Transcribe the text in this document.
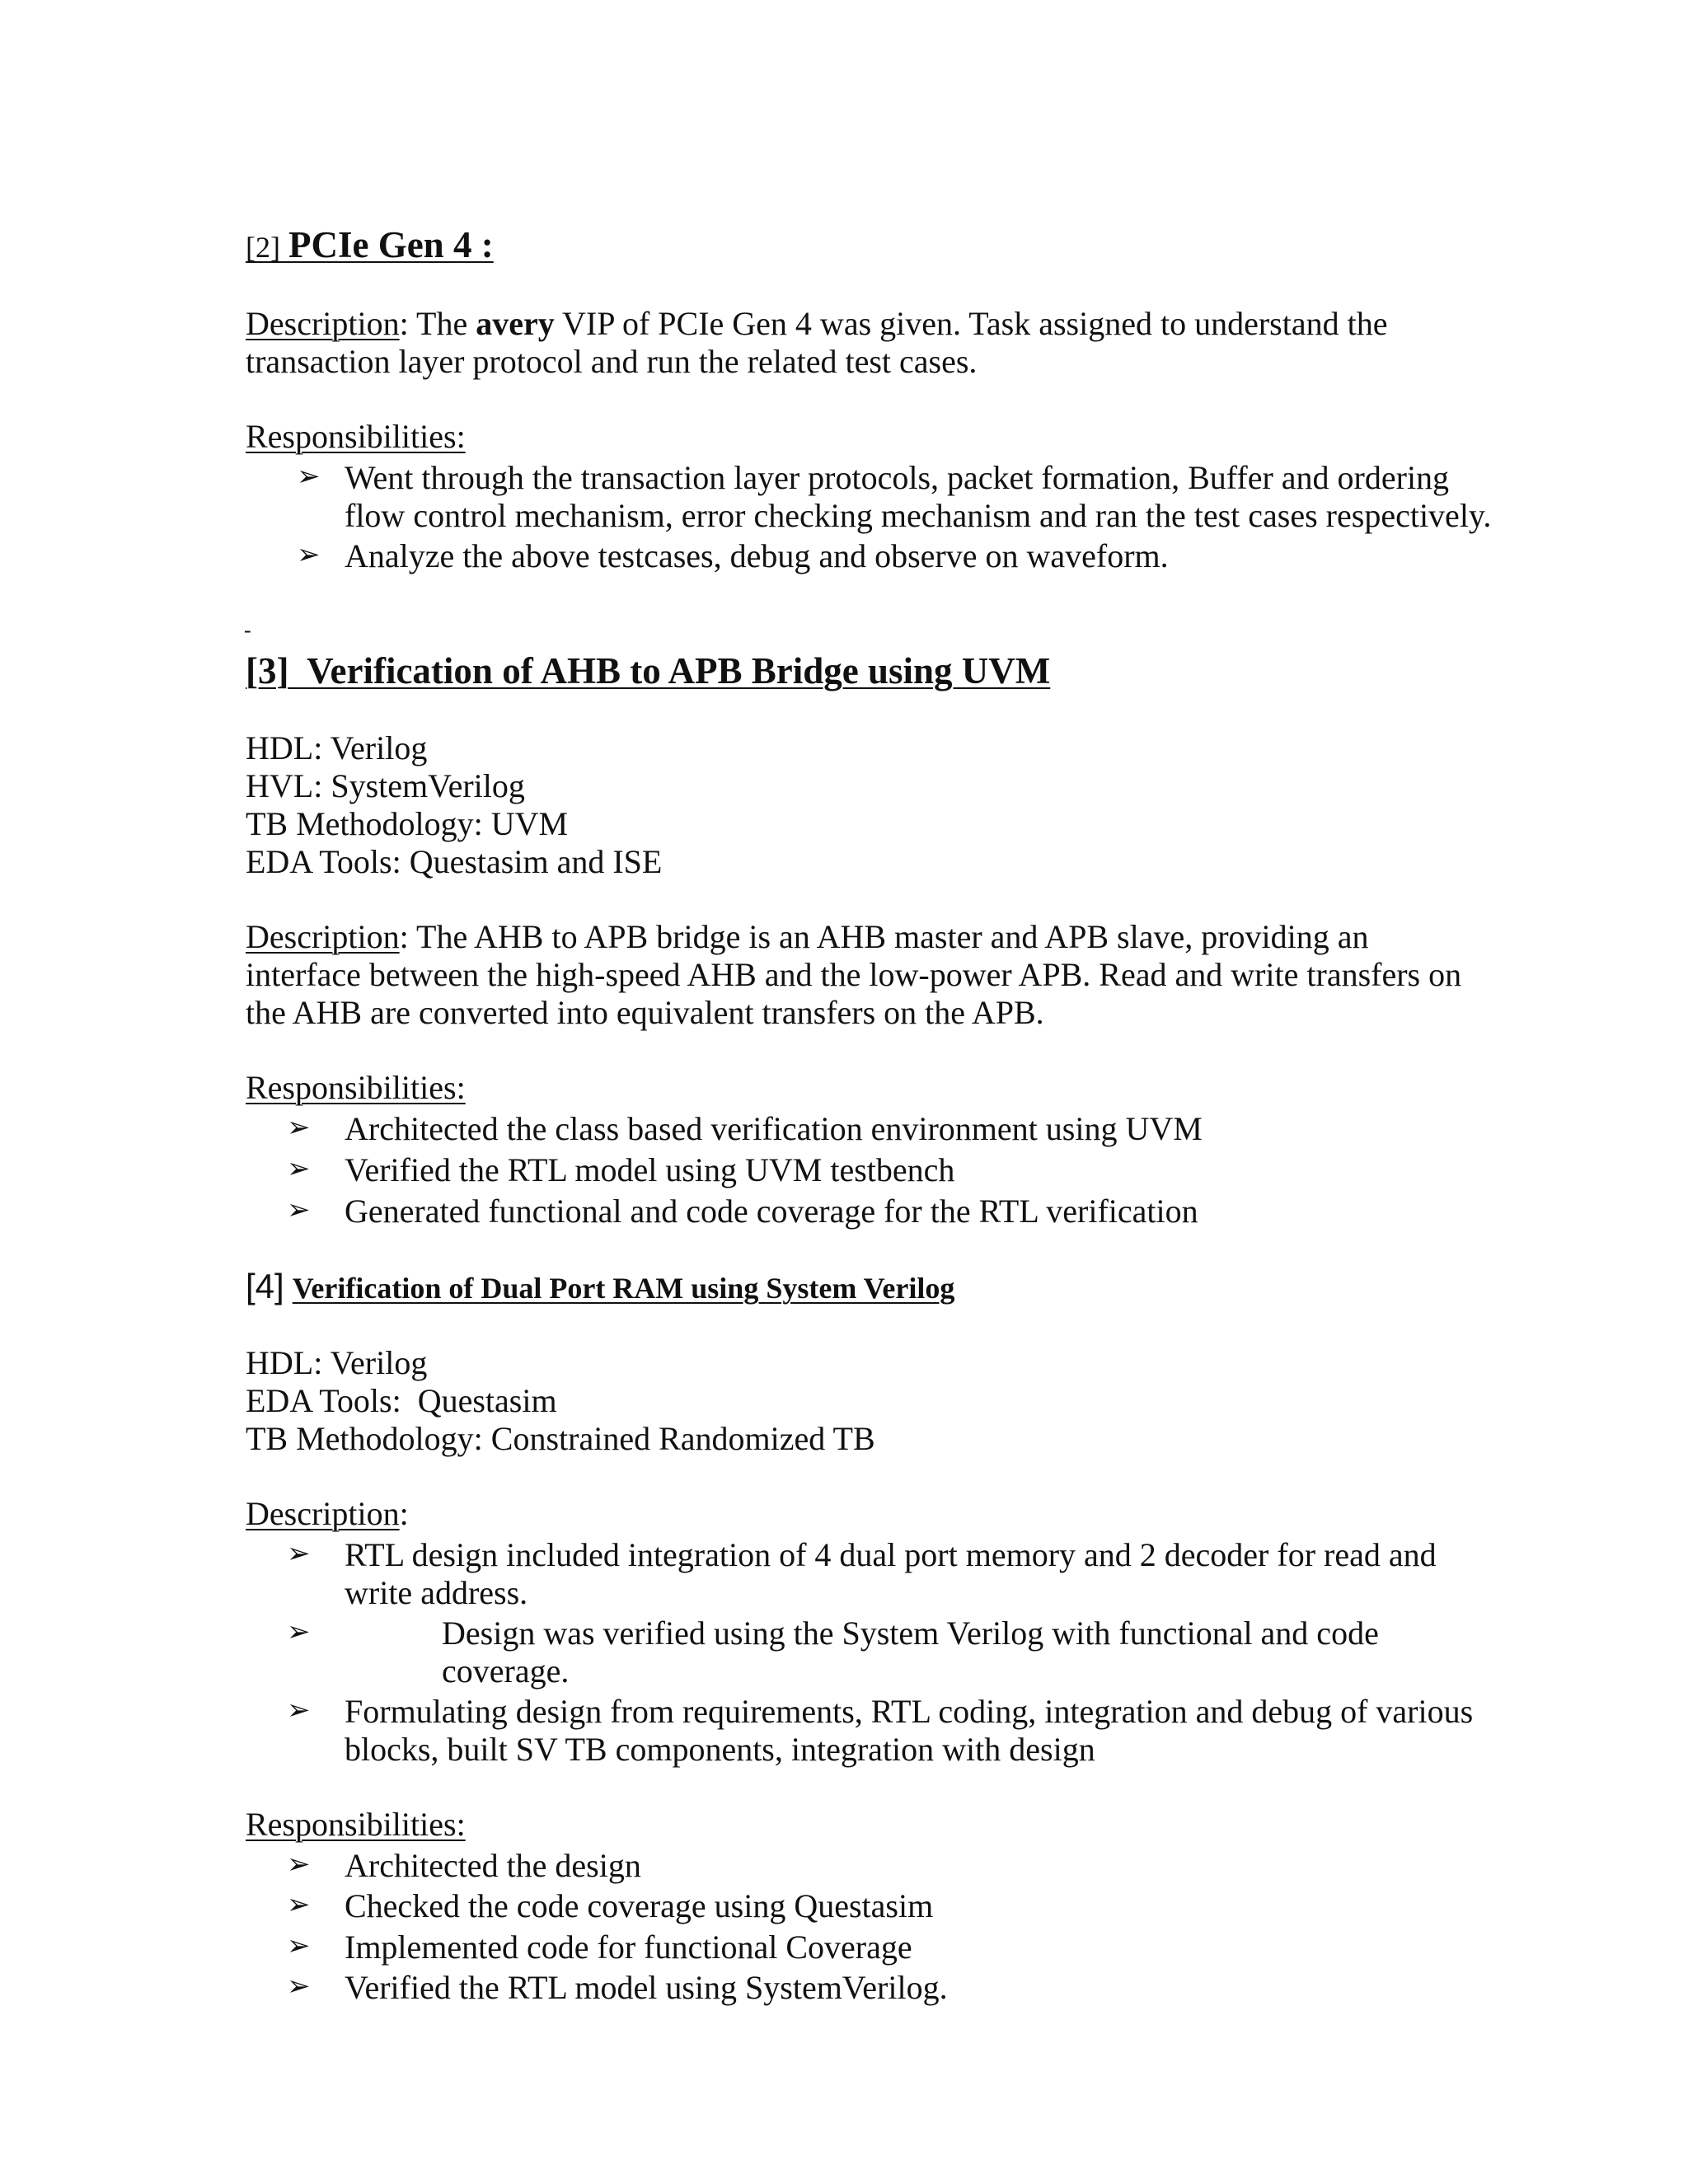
[2] PCIe Gen 4 :
Description: The avery VIP of PCIe Gen 4 was given. Task assigned to understand the
transaction layer protocol and run the related test cases.
Responsibilities:
➢ Went through the transaction layer protocols, packet formation, Buffer and ordering
flow control mechanism, error checking mechanism and ran the test cases respectively.
➢ Analyze the above testcases, debug and observe on waveform.
-
[3]  Verification of AHB to APB Bridge using UVM
HDL: Verilog
HVL: SystemVerilog
TB Methodology: UVM
EDA Tools: Questasim and ISE
Description: The AHB to APB bridge is an AHB master and APB slave, providing an
interface between the high-speed AHB and the low-power APB. Read and write transfers on
the AHB are converted into equivalent transfers on the APB.
Responsibilities:
➢ Architected the class based verification environment using UVM
➢ Verified the RTL model using UVM testbench
➢ Generated functional and code coverage for the RTL verification
[4] Verification of Dual Port RAM using System Verilog
HDL: Verilog
EDA Tools:  Questasim
TB Methodology: Constrained Randomized TB
Description:
➢ RTL design included integration of 4 dual port memory and 2 decoder for read and
write address.
➢	Design was verified using the System Verilog with functional and code
coverage.
➢ Formulating design from requirements, RTL coding, integration and debug of various
blocks, built SV TB components, integration with design
Responsibilities:
➢ Architected the design
➢ Checked the code coverage using Questasim
➢ Implemented code for functional Coverage
➢ Verified the RTL model using SystemVerilog.
